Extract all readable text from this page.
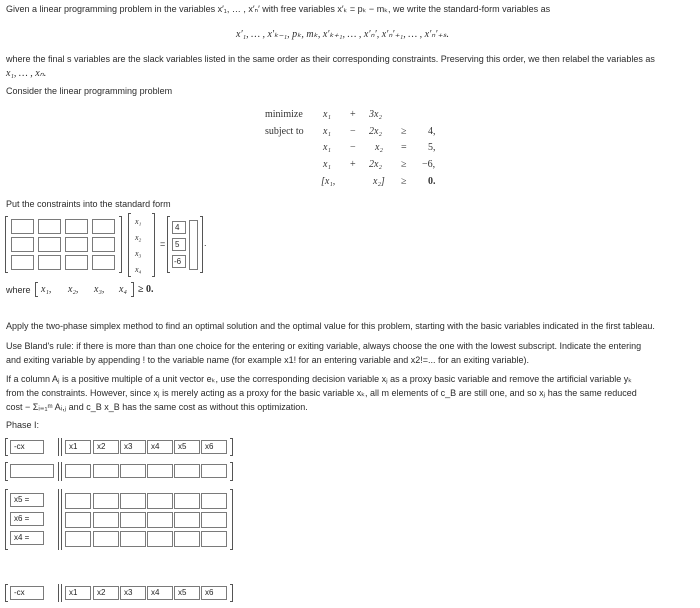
Given a linear programming problem in the variables x′₁, … , x′ₙ′ with free variables x′ₖ = pₖ − mₖ, we write the standard-form variables as
x′₁, … , x′ₖ₋₁, pₖ, mₖ, x′ₖ₊₁, … , x′ₙ′, x′ₙ′₊₁, … , x′ₙ′₊ₛ.
where the final s variables are the slack variables listed in the same order as their corresponding constraints. Preserving this order, we then relabel the variables as
x₁, … , xₙ.
Consider the linear programming problem
minimize
subject to
x₁ + 3x₂
x₁ − 2x₂ ≥ 4,
x₁ − x₂ = 5,
x₁ + 2x₂ ≥ −6,
[x₁,	x₂] ≥ 0.
Put the constraints into the standard form
x₁
x₂
x₃
x₄
=
4
5
-6
.
where x₁, x₂, x₃, x₄ ≥ 0.
Apply the two-phase simplex method to find an optimal solution and the optimal value for this problem, starting with the basic variables indicated in the first tableau.
Use Bland's rule: if there is more than than one choice for the entering or exiting variable, always choose the one with the lowest subscript. Indicate the entering
and exiting variable by appending ! to the variable name (for example x1! for an entering variable and x2!=... for an exiting variable).
If a column Aⱼ is a positive multiple of a unit vector eₖ, use the corresponding decision variable xⱼ as a proxy basic variable and remove the artificial variable yₖ
from the constraints. However, since xⱼ is merely acting as a proxy for the basic variable xₖ, all m elements of c_B are still one, and so xⱼ has the same reduced
cost − Σᵢ₌₁ᵐ Aᵢ,ⱼ and c_B x_B has the same cost as without this optimization.
Phase I:
-cx	x1	x2	x3	x4	x5	x6
x5 =
x6 =
x4 =
-cx	x1	x2	x3	x4	x5	x6
